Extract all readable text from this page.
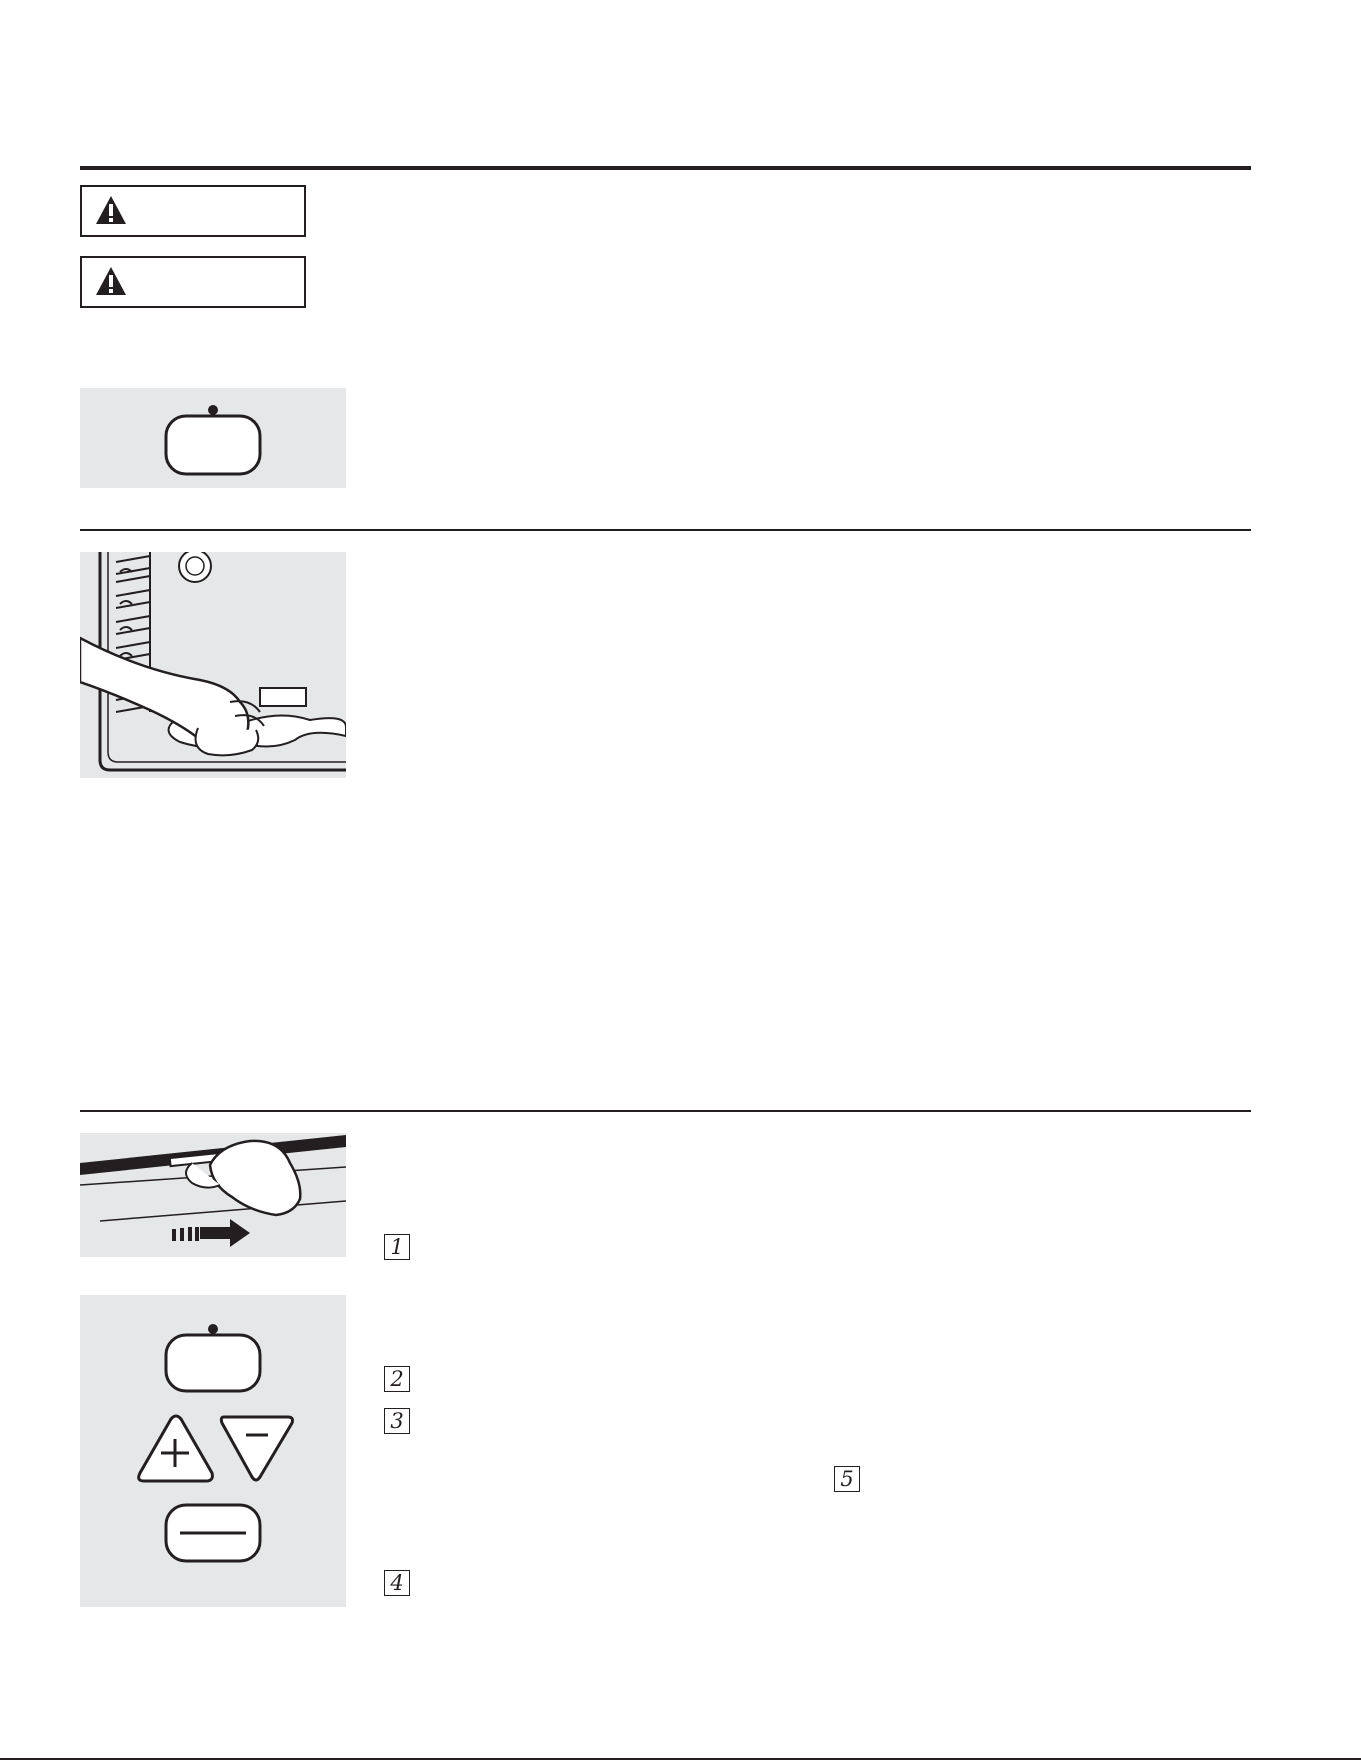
1
2
3
5
4
